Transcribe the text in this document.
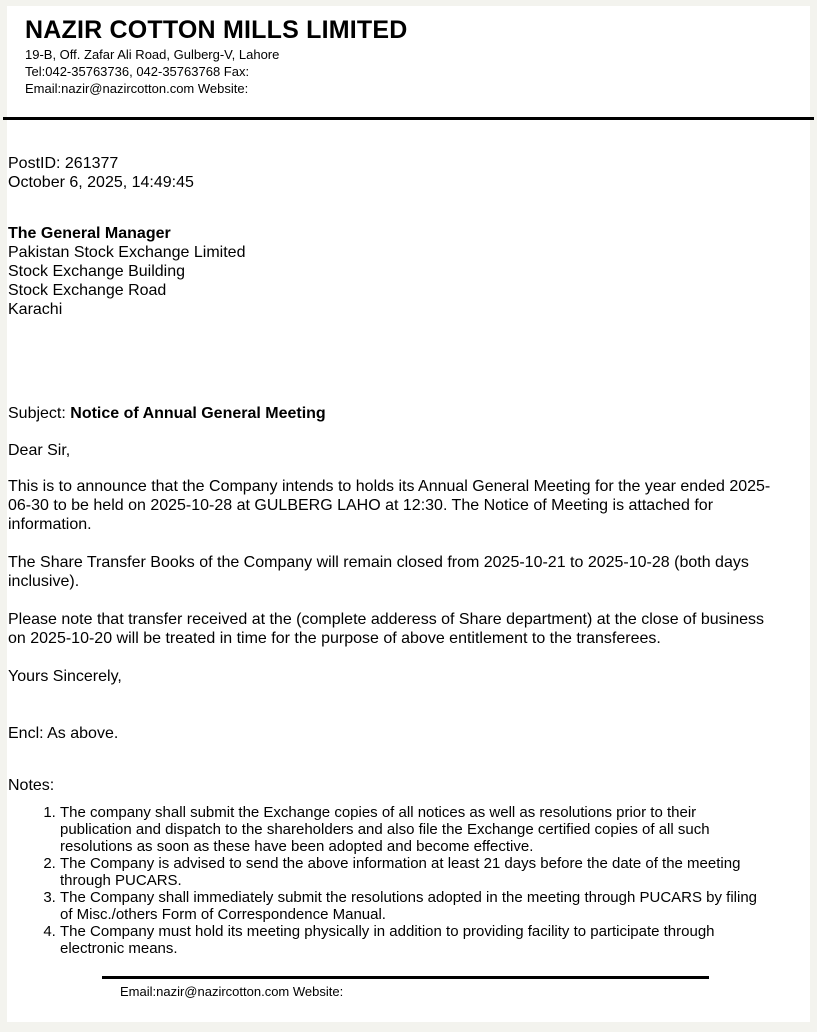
NAZIR COTTON MILLS LIMITED
19-B, Off. Zafar Ali Road, Gulberg-V, Lahore
Tel:042-35763736, 042-35763768 Fax:
Email:nazir@nazircotton.com Website:
PostID: 261377
October 6, 2025, 14:49:45
The General Manager
Pakistan Stock Exchange Limited
Stock Exchange Building
Stock Exchange Road
Karachi
Subject: Notice of Annual General Meeting
Dear Sir,
This is to announce that the Company intends to holds its Annual General Meeting for the year ended 2025-06-30 to be held on 2025-10-28 at GULBERG LAHO at 12:30. The Notice of Meeting is attached for information.
The Share Transfer Books of the Company will remain closed from 2025-10-21 to 2025-10-28 (both days inclusive).
Please note that transfer received at the (complete adderess of Share department) at the close of business on 2025-10-20 will be treated in time for the purpose of above entitlement to the transferees.
Yours Sincerely,
Encl: As above.
Notes:
1. The company shall submit the Exchange copies of all notices as well as resolutions prior to their publication and dispatch to the shareholders and also file the Exchange certified copies of all such resolutions as soon as these have been adopted and become effective.
2. The Company is advised to send the above information at least 21 days before the date of the meeting through PUCARS.
3. The Company shall immediately submit the resolutions adopted in the meeting through PUCARS by filing of Misc./others Form of Correspondence Manual.
4. The Company must hold its meeting physically in addition to providing facility to participate through electronic means.
Email:nazir@nazircotton.com Website:
